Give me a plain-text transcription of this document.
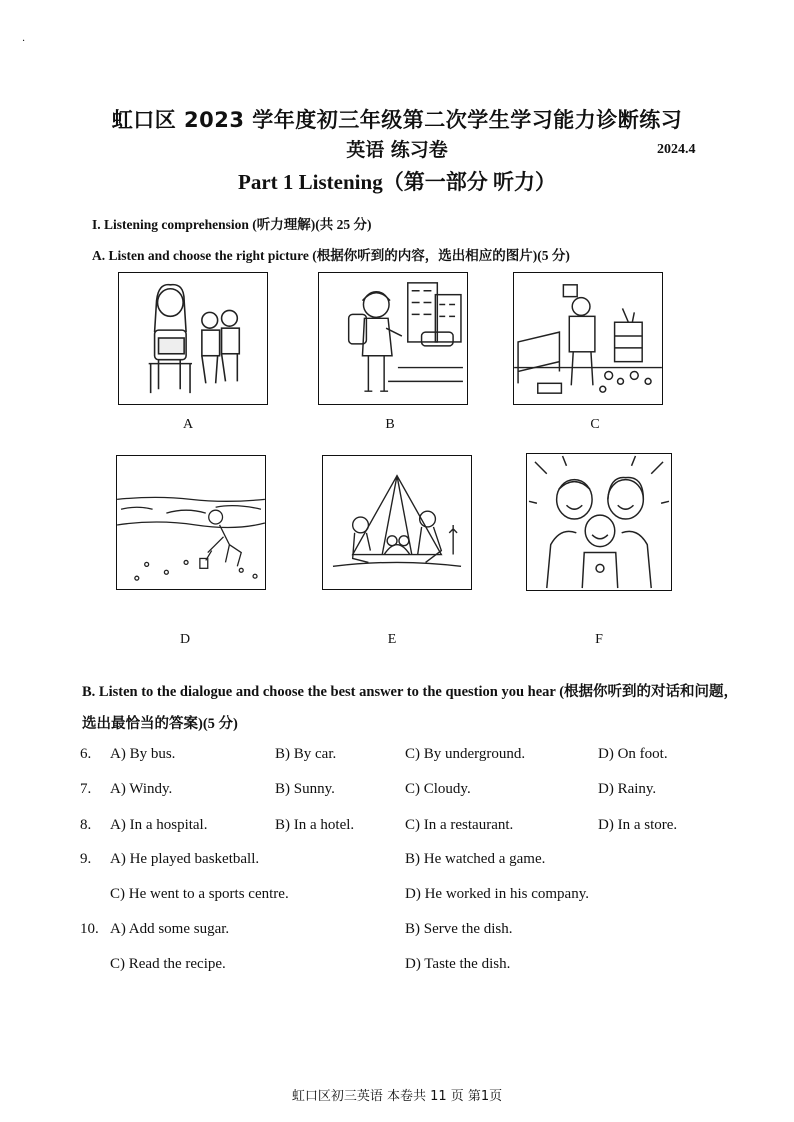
·
虹口区 2023 学年度初三年级第二次学生学习能力诊断练习
英语 练习卷	2024.4
Part 1 Listening（第一部分 听力）
I. Listening comprehension (听力理解)(共 25 分)
A. Listen and choose the right picture (根据你听到的内容，选出相应的图片)(5 分)
A	B	C
D	E	F
B. Listen to the dialogue and choose the best answer to the question you hear (根据你听到的对话和问题，选出最恰当的答案)(5 分)
6. A) By bus.	B) By car.	C) By underground.	D) On foot.
7. A) Windy.	B) Sunny.	C) Cloudy.	D) Rainy.
8. A) In a hospital.	B) In a hotel.	C) In a restaurant.	D) In a store.
9. A) He played basketball.	B) He watched a game.
C) He went to a sports centre.	D) He worked in his company.
10. A) Add some sugar.	B) Serve the dish.
C) Read the recipe.	D) Taste the dish.
虹口区初三英语 本卷共 11 页 第1页
